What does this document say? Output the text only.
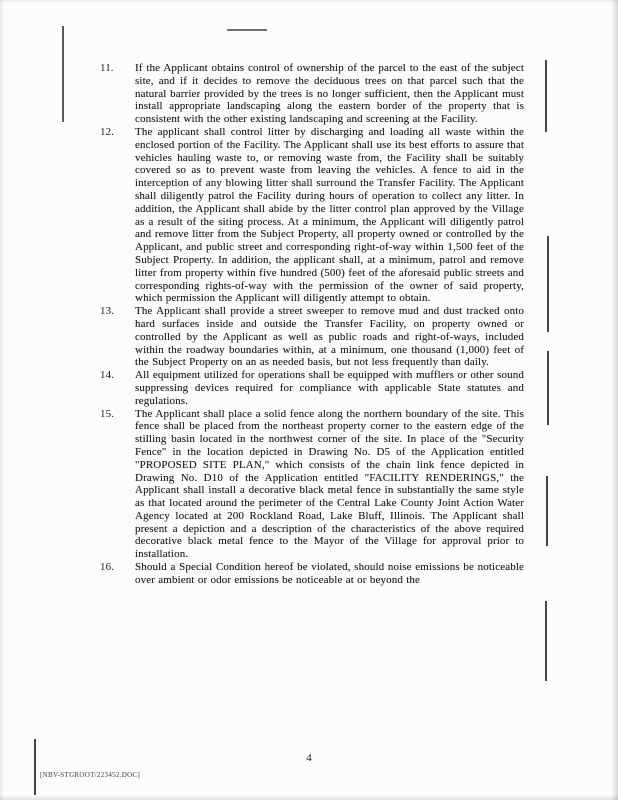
11.	If the Applicant obtains control of ownership of the parcel to the east of the subject site, and if it decides to remove the deciduous trees on that parcel such that the natural barrier provided by the trees is no longer sufficient, then the Applicant must install appropriate landscaping along the eastern border of the property that is consistent with the other existing landscaping and screening at the Facility.
12.	The applicant shall control litter by discharging and loading all waste within the enclosed portion of the Facility. The Applicant shall use its best efforts to assure that vehicles hauling waste to, or removing waste from, the Facility shall be suitably covered so as to prevent waste from leaving the vehicles. A fence to aid in the interception of any blowing litter shall surround the Transfer Facility. The Applicant shall diligently patrol the Facility during hours of operation to collect any litter. In addition, the Applicant shall abide by the litter control plan approved by the Village as a result of the siting process. At a minimum, the Applicant will diligently patrol and remove litter from the Subject Property, all property owned or controlled by the Applicant, and public street and corresponding right-of-way within 1,500 feet of the Subject Property. In addition, the applicant shall, at a minimum, patrol and remove litter from property within five hundred (500) feet of the aforesaid public streets and corresponding rights-of-way with the permission of the owner of said property, which permission the Applicant will diligently attempt to obtain.
13.	The Applicant shall provide a street sweeper to remove mud and dust tracked onto hard surfaces inside and outside the Transfer Facility, on property owned or controlled by the Applicant as well as public roads and right-of-ways, included within the roadway boundaries within, at a minimum, one thousand (1,000) feet of the Subject Property on an as needed basis, but not less frequently than daily.
14.	All equipment utilized for operations shall be equipped with mufflers or other sound suppressing devices required for compliance with applicable State statutes and regulations.
15.	The Applicant shall place a solid fence along the northern boundary of the site. This fence shall be placed from the northeast property corner to the eastern edge of the stilling basin located in the northwest corner of the site. In place of the "Security Fence" in the location depicted in Drawing No. D5 of the Application entitled "PROPOSED SITE PLAN," which consists of the chain link fence depicted in Drawing No. D10 of the Application entitled "FACILITY RENDERINGS," the Applicant shall install a decorative black metal fence in substantially the same style as that located around the perimeter of the Central Lake County Joint Action Water Agency located at 200 Rockland Road, Lake Bluff, Illinois. The Applicant shall present a depiction and a description of the characteristics of the above required decorative black metal fence to the Mayor of the Village for approval prior to installation.
16.	Should a Special Condition hereof be violated, should noise emissions be noticeable over ambient or odor emissions be noticeable at or beyond the
4
[NBV-STGROOT/223452.DOC]
